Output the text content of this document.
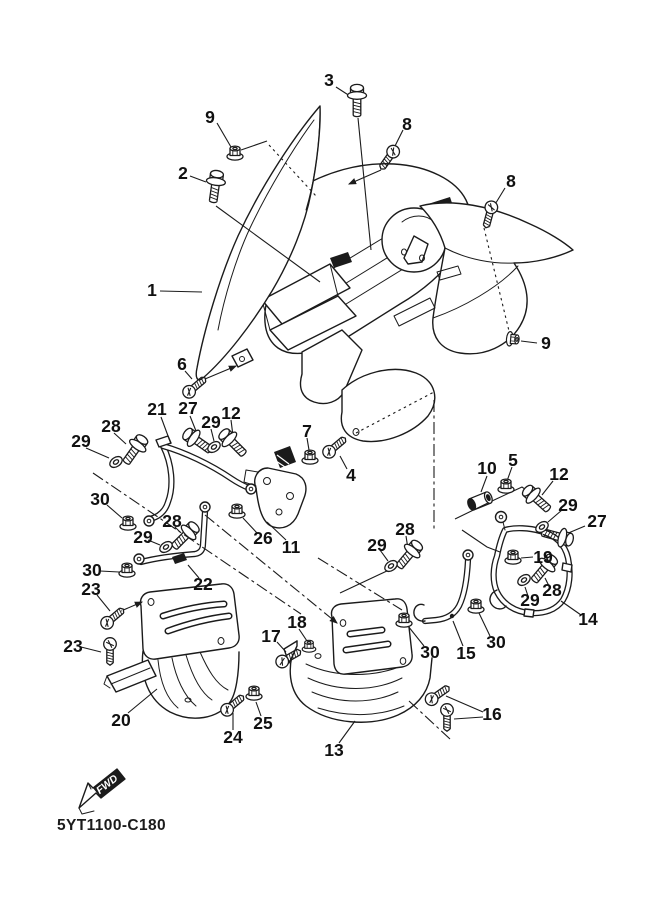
FWD
5YT1100-C180
1
2
3
9	8
8
9
6
21 27
29 12
7
4
28
29
30
29
28
26 11
22
30
23
23
20
24
25
17
18
13
16
30 15
30
28
29
10 5
12
29
27
19
28
29
14
